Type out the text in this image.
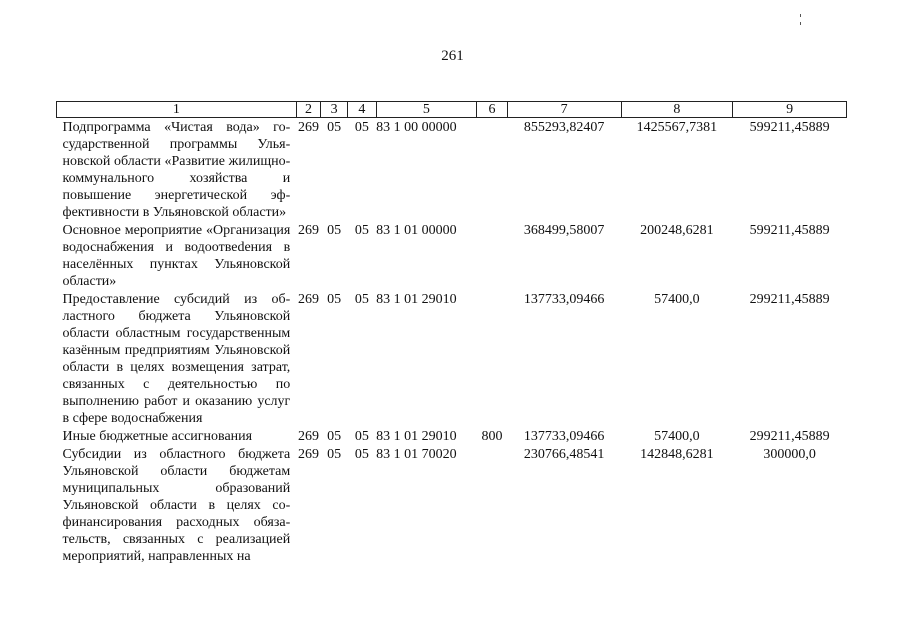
261
1	2	3	4	5	6	7	8	9
Подпрограмма «Чистая вода» государственной программы Ульяновской области «Развитие жилищно-коммунального хозяйства и повышение энергетической эффективности в Ульяновской области»	269	05	05	83 1 00 00000		855293,82407	1425567,7381	599211,45889
Основное мероприятие «Организация водоснабжения и водоотвеdения в населённых пунктах Ульяновской области»	269	05	05	83 1 01 00000		368499,58007	200248,6281	599211,45889
Предоставление субсидий из областного бюджета Ульяновской области областным государственным казённым предприятиям Ульяновской области в целях возмещения затрат, связанных с деятельностью по выполнению работ и оказанию услуг в сфере водоснабжения	269	05	05	83 1 01 29010		137733,09466	57400,0	299211,45889
Иные бюджетные ассигнования	269	05	05	83 1 01 29010	800	137733,09466	57400,0	299211,45889
Субсидии из областного бюджета Ульяновской области бюджетам муниципальных образований Ульяновской области в целях софинансирования расходных обязательств, связанных с реализацией мероприятий, направленных на	269	05	05	83 1 01 70020		230766,48541	142848,6281	300000,0
